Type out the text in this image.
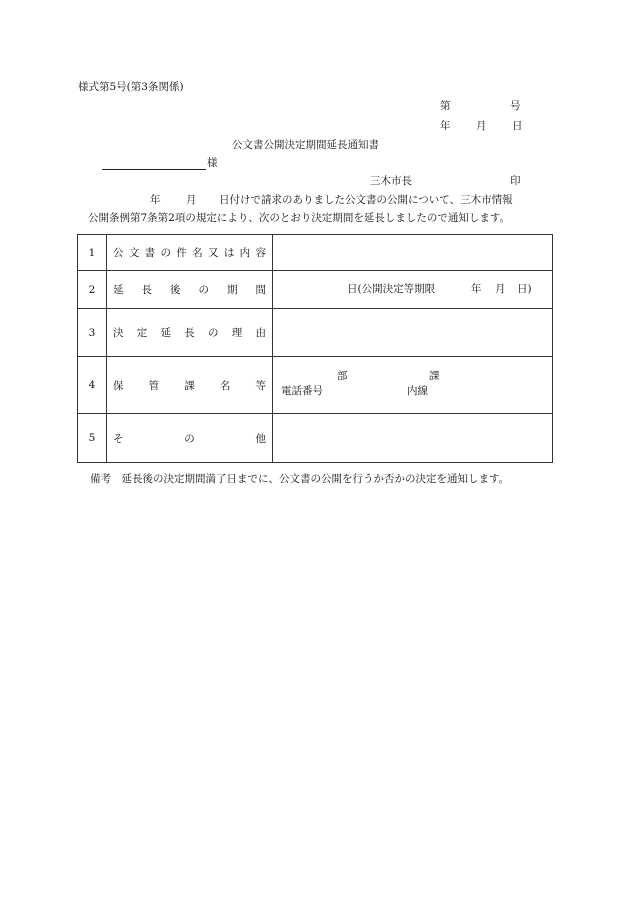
様式第5号(第3条関係)
第	号
年 月 日
公文書公開決定期間延長通知書
様
三木市長	印
年 月 日付けで請求のありました公文書の公開について、三木市情報
公開条例第7条第2項の規定により、次のとおり決定期間を延長しましたので通知します。
1	公文書の件名又は内容	

2	延長後の期間	日(公開決定等期限 年 月 日)

3	決定延長の理由	

4	保管課名等	部 課
電話番号 内線

5	その他	

備考　延長後の決定期間満了日までに、公文書の公開を行うか否かの決定を通知します。
